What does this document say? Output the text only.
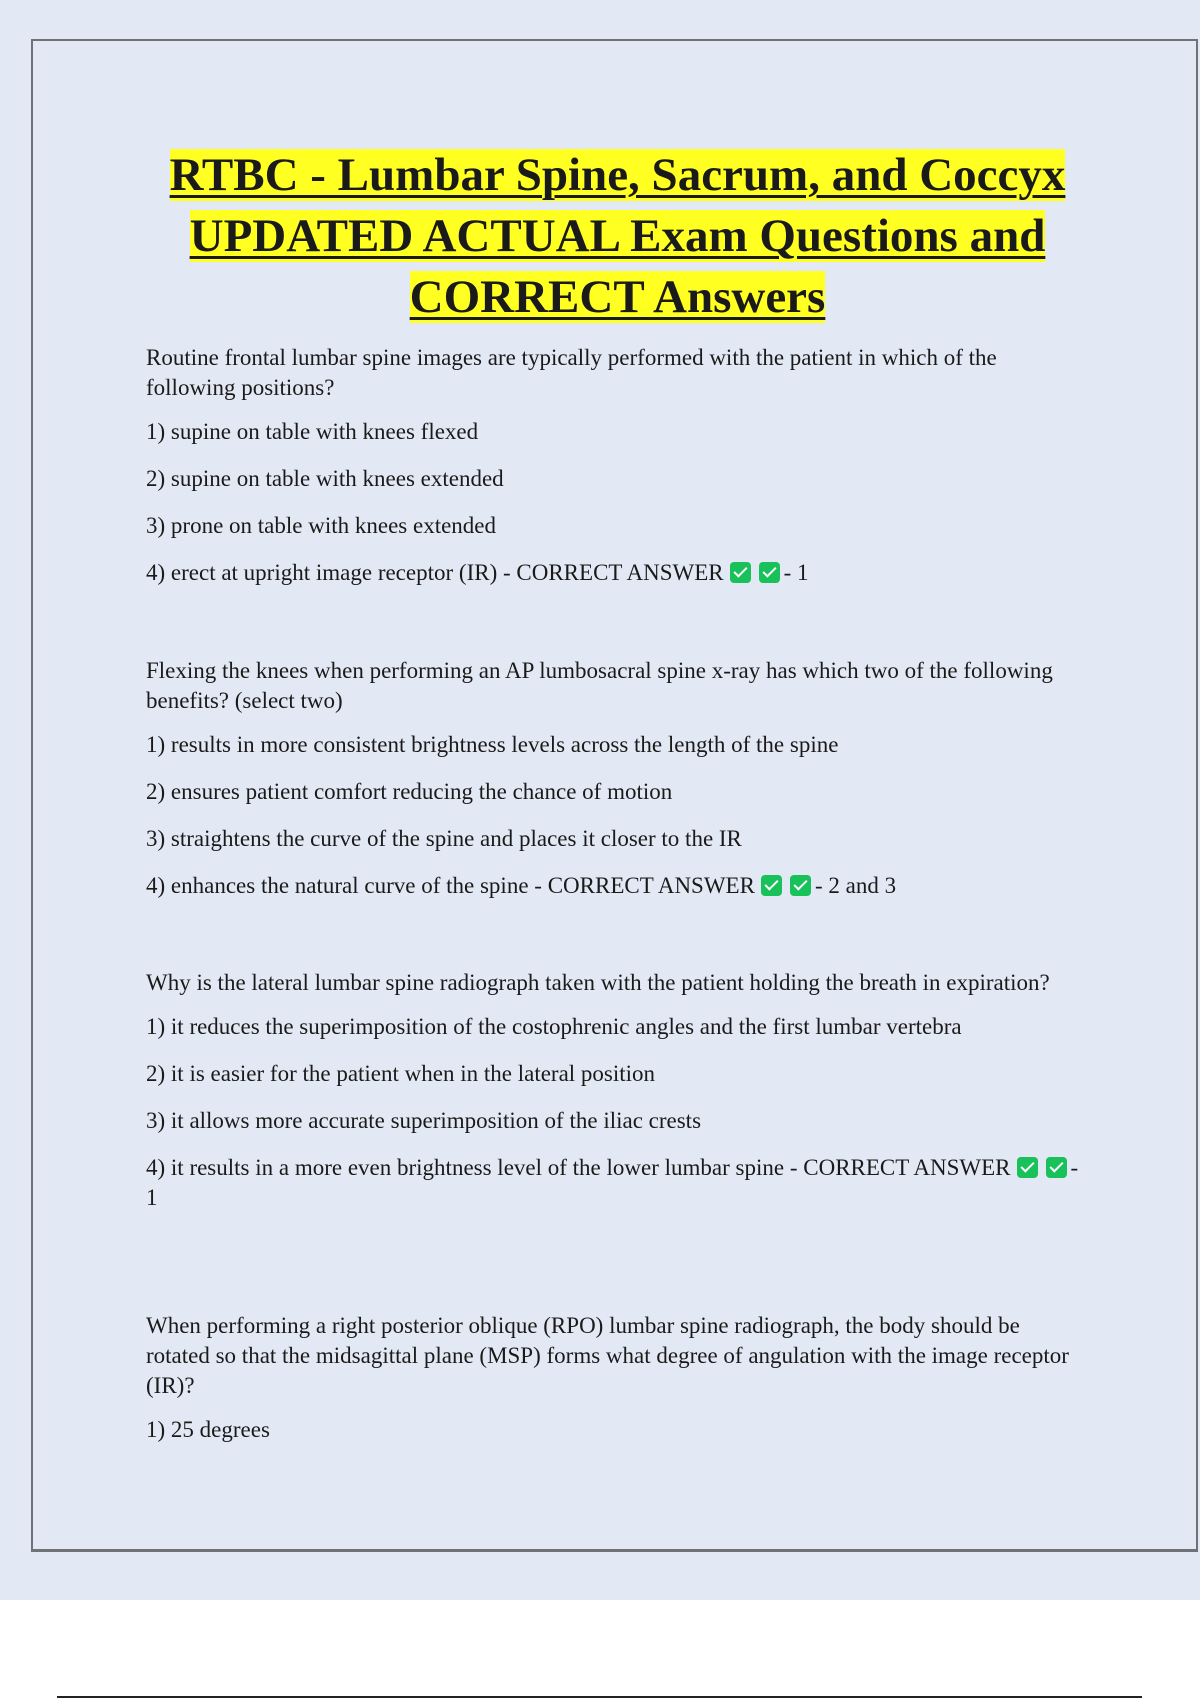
RTBC - Lumbar Spine, Sacrum, and Coccyx
UPDATED ACTUAL Exam Questions and
CORRECT Answers

Routine frontal lumbar spine images are typically performed with the patient in which of the following positions?

1) supine on table with knees flexed

2) supine on table with knees extended

3) prone on table with knees extended

4) erect at upright image receptor (IR) - CORRECT ANSWER	- 1

Flexing the knees when performing an AP lumbosacral spine x-ray has which two of the following benefits? (select two)

1) results in more consistent brightness levels across the length of the spine

2) ensures patient comfort reducing the chance of motion

3) straightens the curve of the spine and places it closer to the IR

4) enhances the natural curve of the spine - CORRECT ANSWER	- 2 and 3

Why is the lateral lumbar spine radiograph taken with the patient holding the breath in expiration?

1) it reduces the superimposition of the costophrenic angles and the first lumbar vertebra

2) it is easier for the patient when in the lateral position

3) it allows more accurate superimposition of the iliac crests

4) it results in a more even brightness level of the lower lumbar spine - CORRECT ANSWER	- 1

When performing a right posterior oblique (RPO) lumbar spine radiograph, the body should be rotated so that the midsagittal plane (MSP) forms what degree of angulation with the image receptor (IR)?

1) 25 degrees
